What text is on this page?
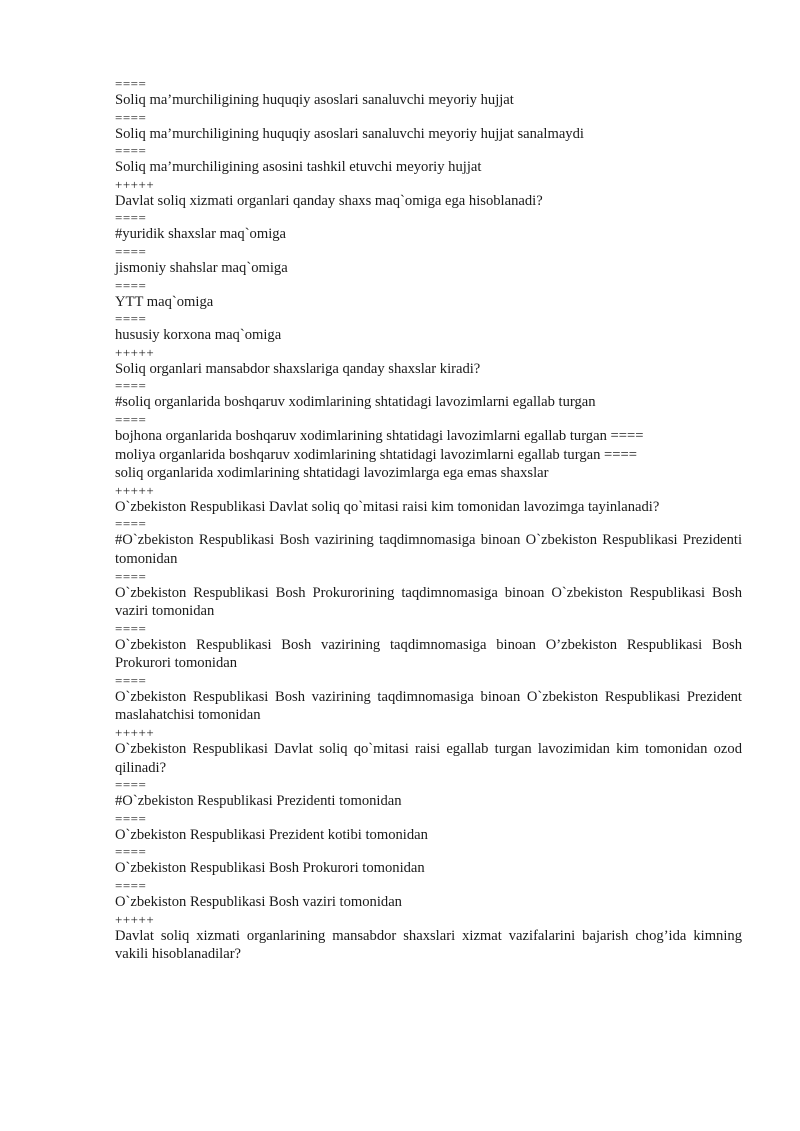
====
Soliq ma’murchiligining huquqiy asoslari sanaluvchi meyoriy hujjat
====
Soliq ma’murchiligining huquqiy asoslari sanaluvchi meyoriy hujjat sanalmaydi
====
Soliq ma’murchiligining asosini tashkil etuvchi meyoriy hujjat
+++++
Davlat soliq xizmati organlari qanday shaxs maq`omiga ega hisoblanadi?
====
#yuridik shaxslar maq`omiga
====
jismoniy shahslar maq`omiga
====
YTT maq`omiga
====
hususiy korxona maq`omiga
+++++
Soliq organlari mansabdor shaxslariga qanday shaxslar kiradi?
====
#soliq organlarida boshqaruv xodimlarining shtatidagi lavozimlarni egallab turgan
====
bojhona organlarida boshqaruv xodimlarining shtatidagi lavozimlarni egallab turgan ====
moliya organlarida boshqaruv xodimlarining shtatidagi lavozimlarni egallab turgan ====
soliq organlarida xodimlarining shtatidagi lavozimlarga ega emas shaxslar
+++++
O`zbekiston Respublikasi Davlat soliq qo`mitasi raisi kim tomonidan lavozimga tayinlanadi?
====
#O`zbekiston Respublikasi Bosh vazirining taqdimnomasiga binoan O`zbekiston Respublikasi Prezidenti tomonidan
====
O`zbekiston Respublikasi Bosh Prokurorining taqdimnomasiga binoan O`zbekiston Respublikasi Bosh vaziri tomonidan
====
O`zbekiston Respublikasi Bosh vazirining taqdimnomasiga binoan O’zbekiston Respublikasi Bosh Prokurori tomonidan
====
O`zbekiston Respublikasi Bosh vazirining taqdimnomasiga binoan O`zbekiston Respublikasi Prezident maslahatchisi tomonidan
+++++
O`zbekiston Respublikasi Davlat soliq qo`mitasi raisi egallab turgan lavozimidan kim tomonidan ozod qilinadi?
====
#O`zbekiston Respublikasi Prezidenti tomonidan
====
O`zbekiston Respublikasi Prezident kotibi tomonidan
====
O`zbekiston Respublikasi Bosh Prokurori tomonidan
====
O`zbekiston Respublikasi Bosh vaziri tomonidan
+++++
Davlat soliq xizmati organlarining mansabdor shaxslari xizmat vazifalarini bajarish chog’ida kimning vakili hisoblanadilar?
